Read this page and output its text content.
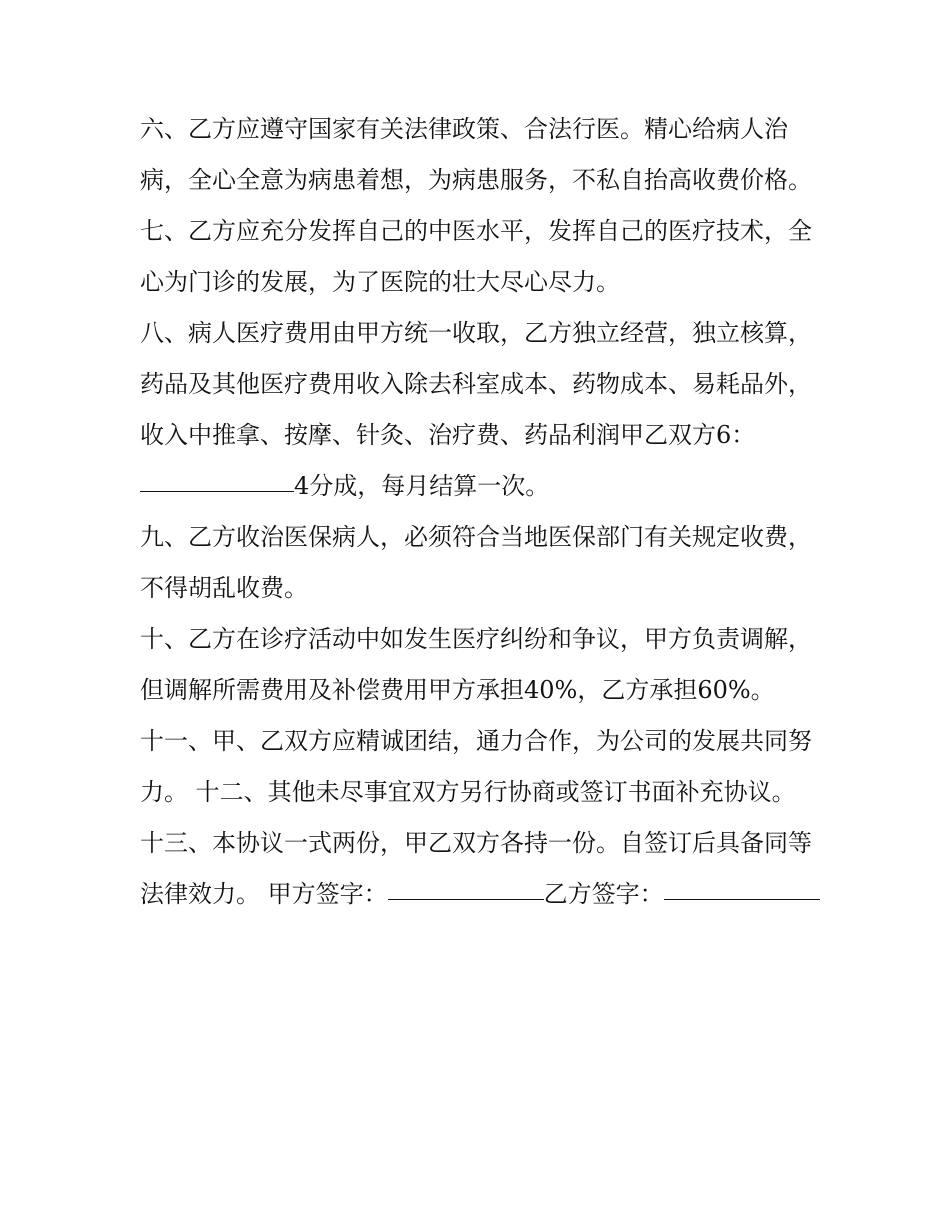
六、乙方应遵守国家有关法律政策、合法行医。精心给病人治病，全心全意为病患着想，为病患服务，不私自抬高收费价格。

七、乙方应充分发挥自己的中医水平，发挥自己的医疗技术，全心为门诊的发展，为了医院的壮大尽心尽力。

八、病人医疗费用由甲方统一收取，乙方独立经营，独立核算，药品及其他医疗费用收入除去科室成本、药物成本、易耗品外，收入中推拿、按摩、针灸、治疗费、药品利润甲乙双方6：4分成，每月结算一次。

九、乙方收治医保病人，必须符合当地医保部门有关规定收费，不得胡乱收费。

十、乙方在诊疗活动中如发生医疗纠纷和争议，甲方负责调解，但调解所需费用及补偿费用甲方承担40%，乙方承担60%。

十一、甲、乙双方应精诚团结，通力合作，为公司的发展共同努力。 十二、其他未尽事宜双方另行协商或签订书面补充协议。

十三、本协议一式两份，甲乙双方各持一份。自签订后具备同等法律效力。 甲方签字：	乙方签字：
